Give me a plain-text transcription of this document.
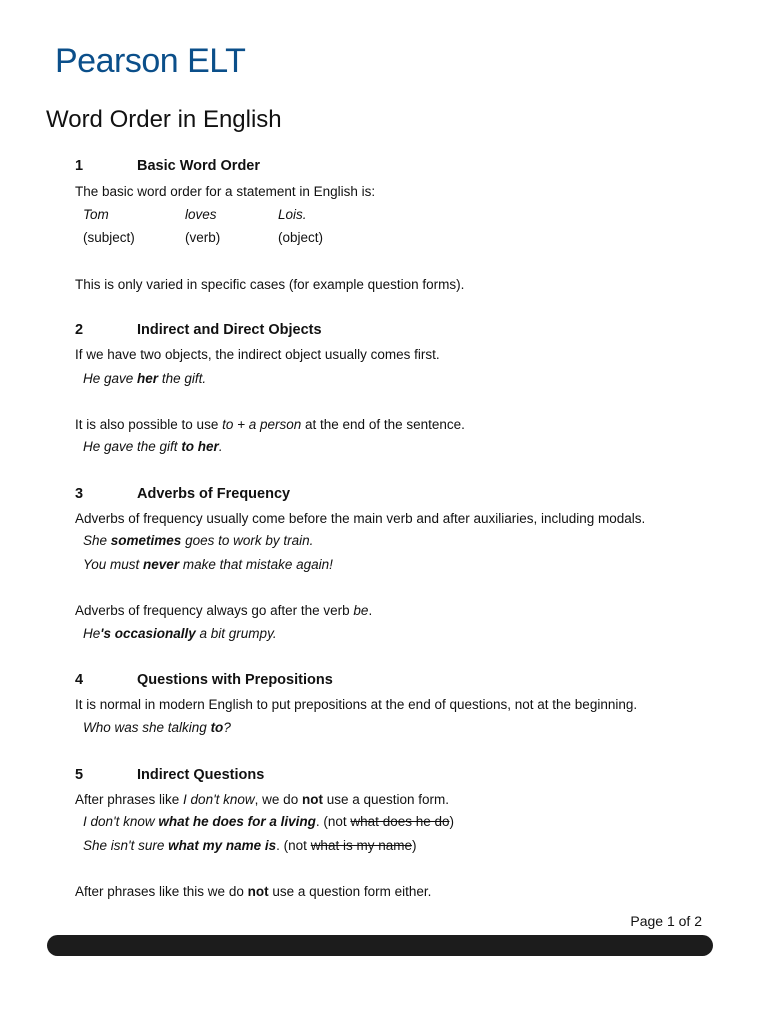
Pearson ELT
Word Order in English
1	Basic Word Order
The basic word order for a statement in English is:
Tom	loves	Lois.
(subject)	(verb)	(object)
This is only varied in specific cases (for example question forms).
2	Indirect and Direct Objects
If we have two objects, the indirect object usually comes first.
He gave her the gift.
It is also possible to use to + a person at the end of the sentence.
He gave the gift to her.
3	Adverbs of Frequency
Adverbs of frequency usually come before the main verb and after auxiliaries, including modals.
She sometimes goes to work by train.
You must never make that mistake again!
Adverbs of frequency always go after the verb be.
He's occasionally a bit grumpy.
4	Questions with Prepositions
It is normal in modern English to put prepositions at the end of questions, not at the beginning.
Who was she talking to?
5	Indirect Questions
After phrases like I don't know, we do not use a question form.
I don't know what he does for a living. (not what does he do)
She isn't sure what my name is. (not what is my name)
After phrases like this we do not use a question form either.
Page 1 of 2
